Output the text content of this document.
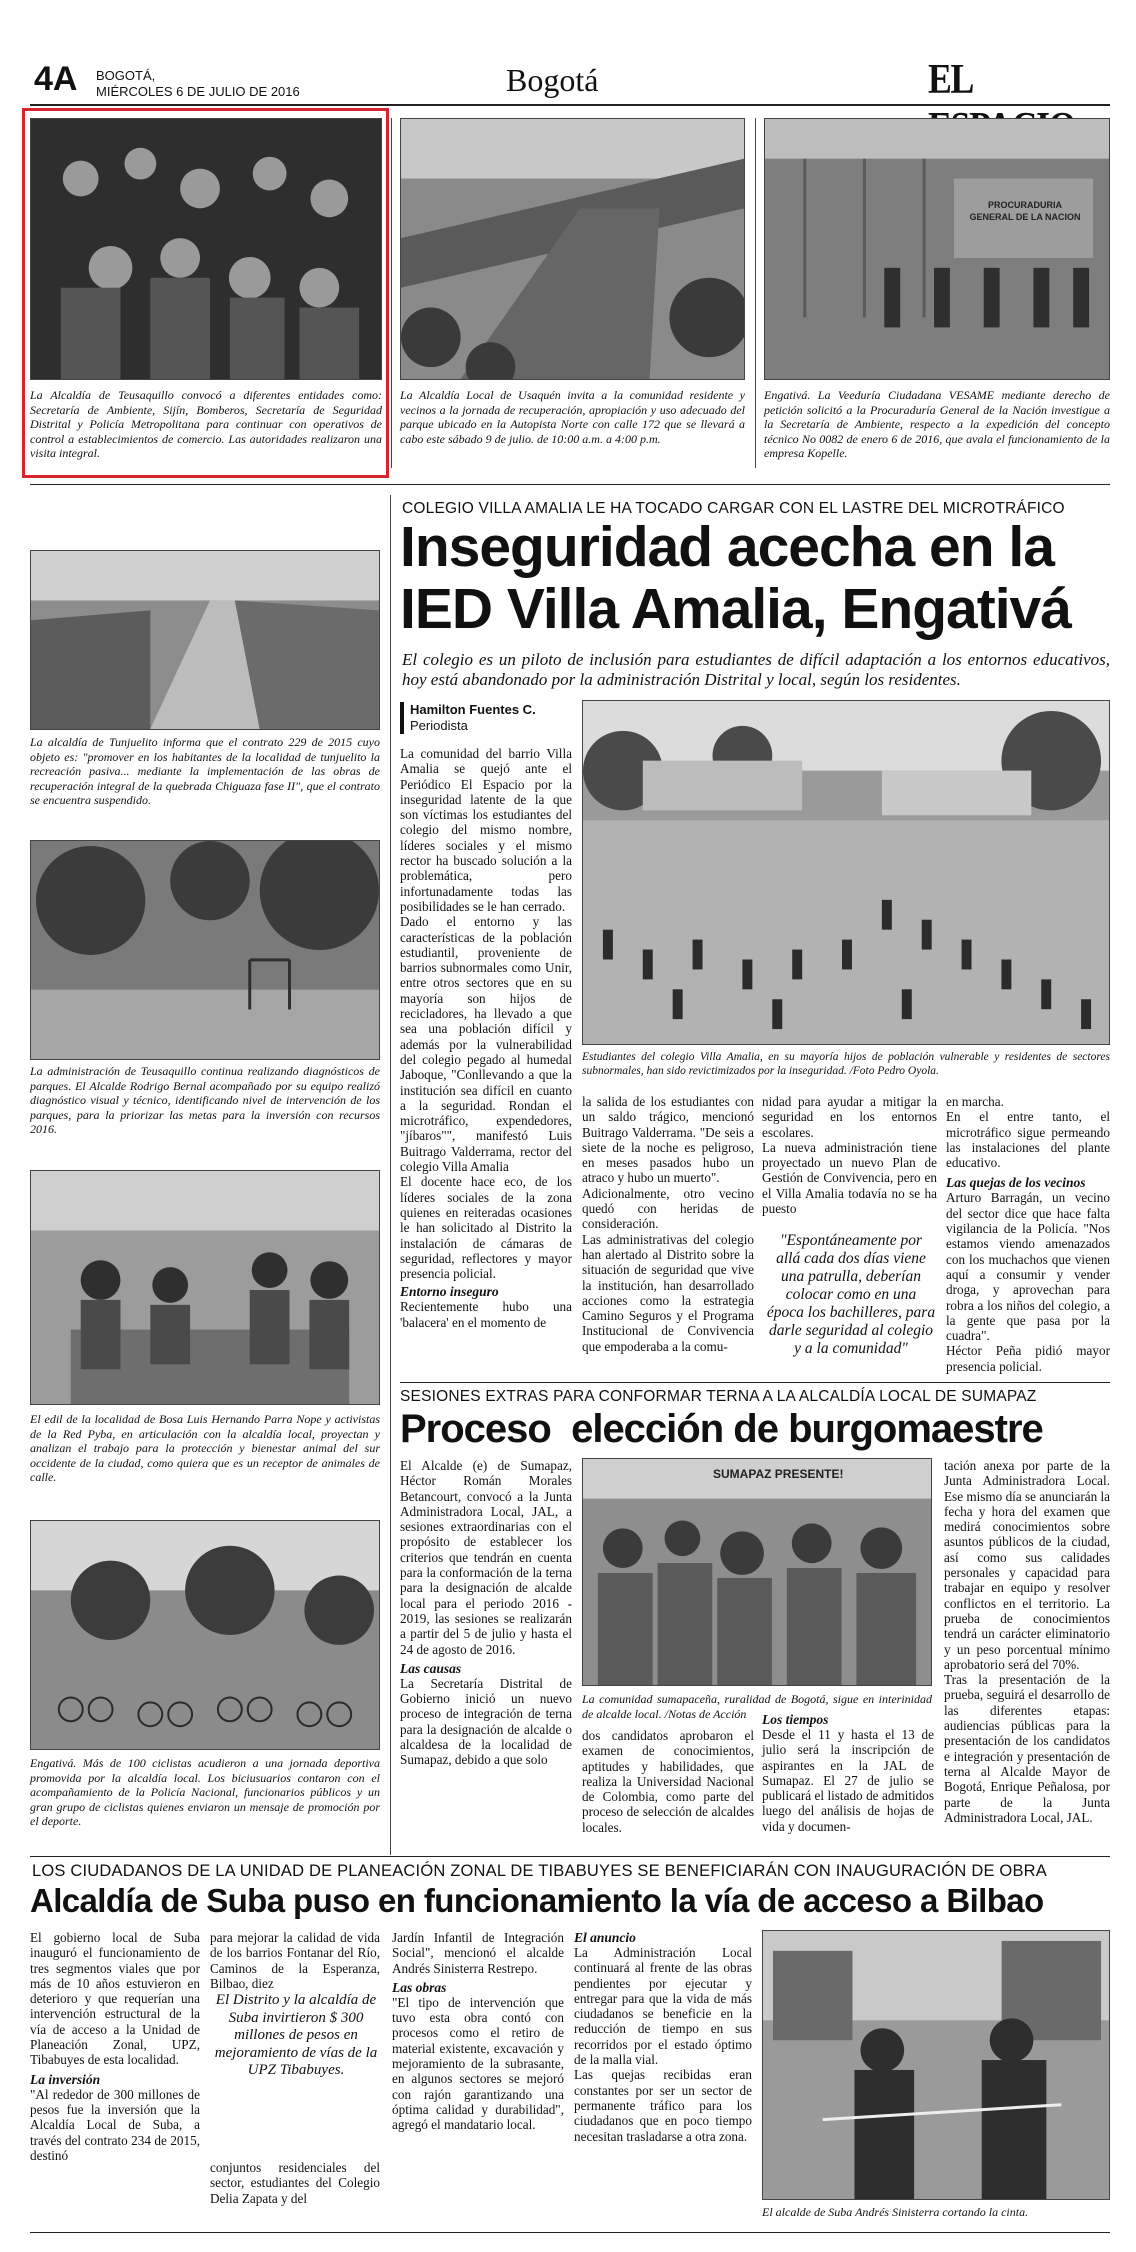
4A BOGOTÁ,
MIÉRCOLES 6 DE JULIO DE 2016	Bogotá	EL
PROCURADURIA GENERAL DE LA NACION
La Alcaldía de Teusaquillo convocó a diferentes entidades como: Secretaría de Ambiente, Sijín, Bomberos, Secretaría de Seguridad Distrital y Policía Metropolitana para continuar con operativos de control a establecimientos de comercio. Las autoridades realizaron una visita integral.
La Alcaldía Local de Usaquén invita a la comunidad residente y vecinos a la jornada de recuperación, apropiación y uso adecuado del parque ubicado en la Autopista Norte con calle 172 que se llevará a cabo este sábado 9 de julio. de 10:00 a.m. a 4:00 p.m.
Engativá. La Veeduría Ciudadana VESAME mediante derecho de petición solicitó a la Procuraduría General de la Nación investigue a la Secretaría de Ambiente, respecto a la expedición del concepto técnico No 0082 de enero 6 de 2016, que avala el funcionamiento de la empresa Kopelle.
La alcaldía de Tunjuelito informa que el contrato 229 de 2015 cuyo objeto es: "promover en los habitantes de la localidad de tunjuelito la recreación pasiva... mediante la implementación de las obras de recuperación integral de la quebrada Chiguaza fase II", que el contrato se encuentra suspendido.
La administración de Teusaquillo continua realizando diagnósticos de parques. El Alcalde Rodrigo Bernal acompañado por su equipo realizó diagnóstico visual y técnico, identificando nivel de intervención de los parques, para la priorizar las metas para la inversión con recursos 2016.
El edil de la localidad de Bosa Luis Hernando Parra Nope y activistas de la Red Pyba, en articulación con la alcaldía local, proyectan y analizan el trabajo para la protección y bienestar animal del sur occidente de la ciudad, como quiera que es un receptor de animales de calle.
Engativá. Más de 100 ciclistas acudieron a una jornada deportiva promovida por la alcaldía local. Los biciusuarios contaron con el acompañamiento de la Policía Nacional, funcionarios públicos y un gran grupo de ciclistas quienes enviaron un mensaje de promoción por el deporte.
COLEGIO VILLA AMALIA LE HA TOCADO CARGAR CON EL LASTRE DEL MICROTRÁFICO
Inseguridad acecha en la
IED Villa Amalia, Engativá
El colegio es un piloto de inclusión para estudiantes de difícil adaptación a los entornos educativos, hoy está abandonado por la administración Distrital y local, según los residentes.
Hamilton Fuentes C.
Periodista
La comunidad del barrio Villa Amalia se quejó ante el Periódico El Espacio por la inseguridad latente de la que son víctimas los estudiantes del colegio del mismo nombre, líderes sociales y el mismo rector ha buscado solución a la problemática, pero infortunadamente todas las posibilidades se le han cerrado.
Dado el entorno y las características de la población estudiantil, proveniente de barrios subnormales como Unir, entre otros sectores que en su mayoría son hijos de recicladores, ha llevado a que sea una población difícil y además por la vulnerabilidad del colegio pegado al humedal Jaboque, "Conllevando a que la institución sea difícil en cuanto a la seguridad. Rondan el microtráfico, expendedores, "jíbaros"", manifestó Luis Buitrago Valderrama, rector del colegio Villa Amalia
El docente hace eco, de los líderes sociales de la zona quienes en reiteradas ocasiones le han solicitado al Distrito la instalación de cámaras de seguridad, reflectores y mayor presencia policial.
Entorno inseguro
Recientemente hubo una 'balacera' en el momento de
Estudiantes del colegio Villa Amalia, en su mayoría hijos de población vulnerable y residentes de sectores subnormales, han sido revictimizados por la inseguridad. /Foto Pedro Oyola.
la salida de los estudiantes con un saldo trágico, mencionó Buitrago Valderrama. "De seis a siete de la noche es peligroso, en meses pasados hubo un atraco y hubo un muerto".
Adicionalmente, otro vecino quedó con heridas de consideración.
Las administrativas del colegio han alertado al Distrito sobre la situación de seguridad que vive la institución, han desarrollado acciones como la estrategia Camino Seguros y el Programa Institucional de Convivencia que empoderaba a la comu-
nidad para ayudar a mitigar la seguridad en los entornos escolares.
La nueva administración tiene proyectado un nuevo Plan de Gestión de Convivencia, pero en el Villa Amalia todavía no se ha puesto
"Espontáneamente por allá cada dos días viene una patrulla, deberían colocar como en una época los bachilleres, para darle seguridad al colegio y a la comunidad"
en marcha.
En el entre tanto, el microtráfico sigue permeando las instalaciones del plante educativo.
Las quejas de los vecinos
Arturo Barragán, un vecino del sector dice que hace falta vigilancia de la Policía. "Nos estamos viendo amenazados con los muchachos que vienen aquí a consumir y vender droga, y aprovechan para robra a los niños del colegio, a la gente que pasa por la cuadra".
Héctor Peña pidió mayor presencia policial.
SESIONES EXTRAS PARA CONFORMAR TERNA A LA ALCALDÍA LOCAL DE SUMAPAZ
Proceso  elección de burgomaestre
El Alcalde (e) de Sumapaz, Héctor Román Morales Betancourt, convocó a la Junta Administradora Local, JAL, a sesiones extraordinarias con el propósito de establecer los criterios que tendrán en cuenta para la conformación de la terna para la designación de alcalde local para el periodo 2016 - 2019, las sesiones se realizarán a partir del 5 de julio y hasta el 24 de agosto de 2016.
Las causas
La Secretaría Distrital de Gobierno inició un nuevo proceso de integración de terna para la designación de alcalde o alcaldesa de la localidad de Sumapaz, debido a que solo
SUMAPAZ PRESENTE!
La comunidad sumapaceña, ruralidad de Bogotá, sigue en interinidad de alcalde local. /Notas de Acción
dos candidatos aprobaron el examen de conocimientos, aptitudes y habilidades, que realiza la Universidad Nacional de Colombia, como parte del proceso de selección de alcaldes locales.
Los tiempos
Desde el 11 y hasta el 13 de julio será la inscripción de aspirantes en la JAL de Sumapaz. El 27 de julio se publicará el listado de admitidos luego del análisis de hojas de vida y documen-
tación anexa por parte de la Junta Administradora Local. Ese mismo día se anunciarán la fecha y hora del examen que medirá conocimientos sobre asuntos públicos de la ciudad, así como sus calidades personales y capacidad para trabajar en equipo y resolver conflictos en el territorio. La prueba de conocimientos tendrá un carácter eliminatorio y un peso porcentual mínimo aprobatorio será del 70%.
Tras la presentación de la prueba, seguirá el desarrollo de las diferentes etapas: audiencias públicas para la presentación de los candidatos e integración y presentación de terna al Alcalde Mayor de Bogotá, Enrique Peñalosa, por parte de la Junta Administradora Local, JAL.
LOS CIUDADANOS DE LA UNIDAD DE PLANEACIÓN ZONAL DE TIBABUYES SE BENEFICIARÁN CON INAUGURACIÓN DE OBRA
Alcaldía de Suba puso en funcionamiento la vía de acceso a Bilbao
El gobierno local de Suba inauguró el funcionamiento de tres segmentos viales que por más de 10 años estuvieron en deterioro y que requerían una intervención estructural de la vía de acceso a la Unidad de Planeación Zonal, UPZ, Tibabuyes de esta localidad.
La inversión
"Al rededor de 300 millones de pesos fue la inversión que la Alcaldía Local de Suba, a través del contrato 234 de 2015, destinó
para mejorar la calidad de vida de los barrios Fontanar del Río, Caminos de la Esperanza, Bilbao, diez
El Distrito y la alcaldía de Suba invirtieron $ 300 millones de pesos en mejoramiento de vías de la UPZ Tibabuyes.
conjuntos residenciales del sector, estudiantes del Colegio Delia Zapata y del
Jardín Infantil de Integración Social", mencionó el alcalde Andrés Sinisterra Restrepo.
Las obras
"El tipo de intervención que tuvo esta obra contó con procesos como el retiro de material existente, excavación y mejoramiento de la subrasante, en algunos sectores se mejoró con rajón garantizando una óptima calidad y durabilidad", agregó el mandatario local.
El anuncio
La Administración Local continuará al frente de las obras pendientes por ejecutar y entregar para que la vida de más ciudadanos se beneficie en la reducción de tiempo en sus recorridos por el estado óptimo de la malla vial.
Las quejas recibidas eran constantes por ser un sector de permanente tráfico para los ciudadanos que en poco tiempo necesitan trasladarse a otra zona.
El alcalde de Suba Andrés Sinisterra cortando la cinta.
